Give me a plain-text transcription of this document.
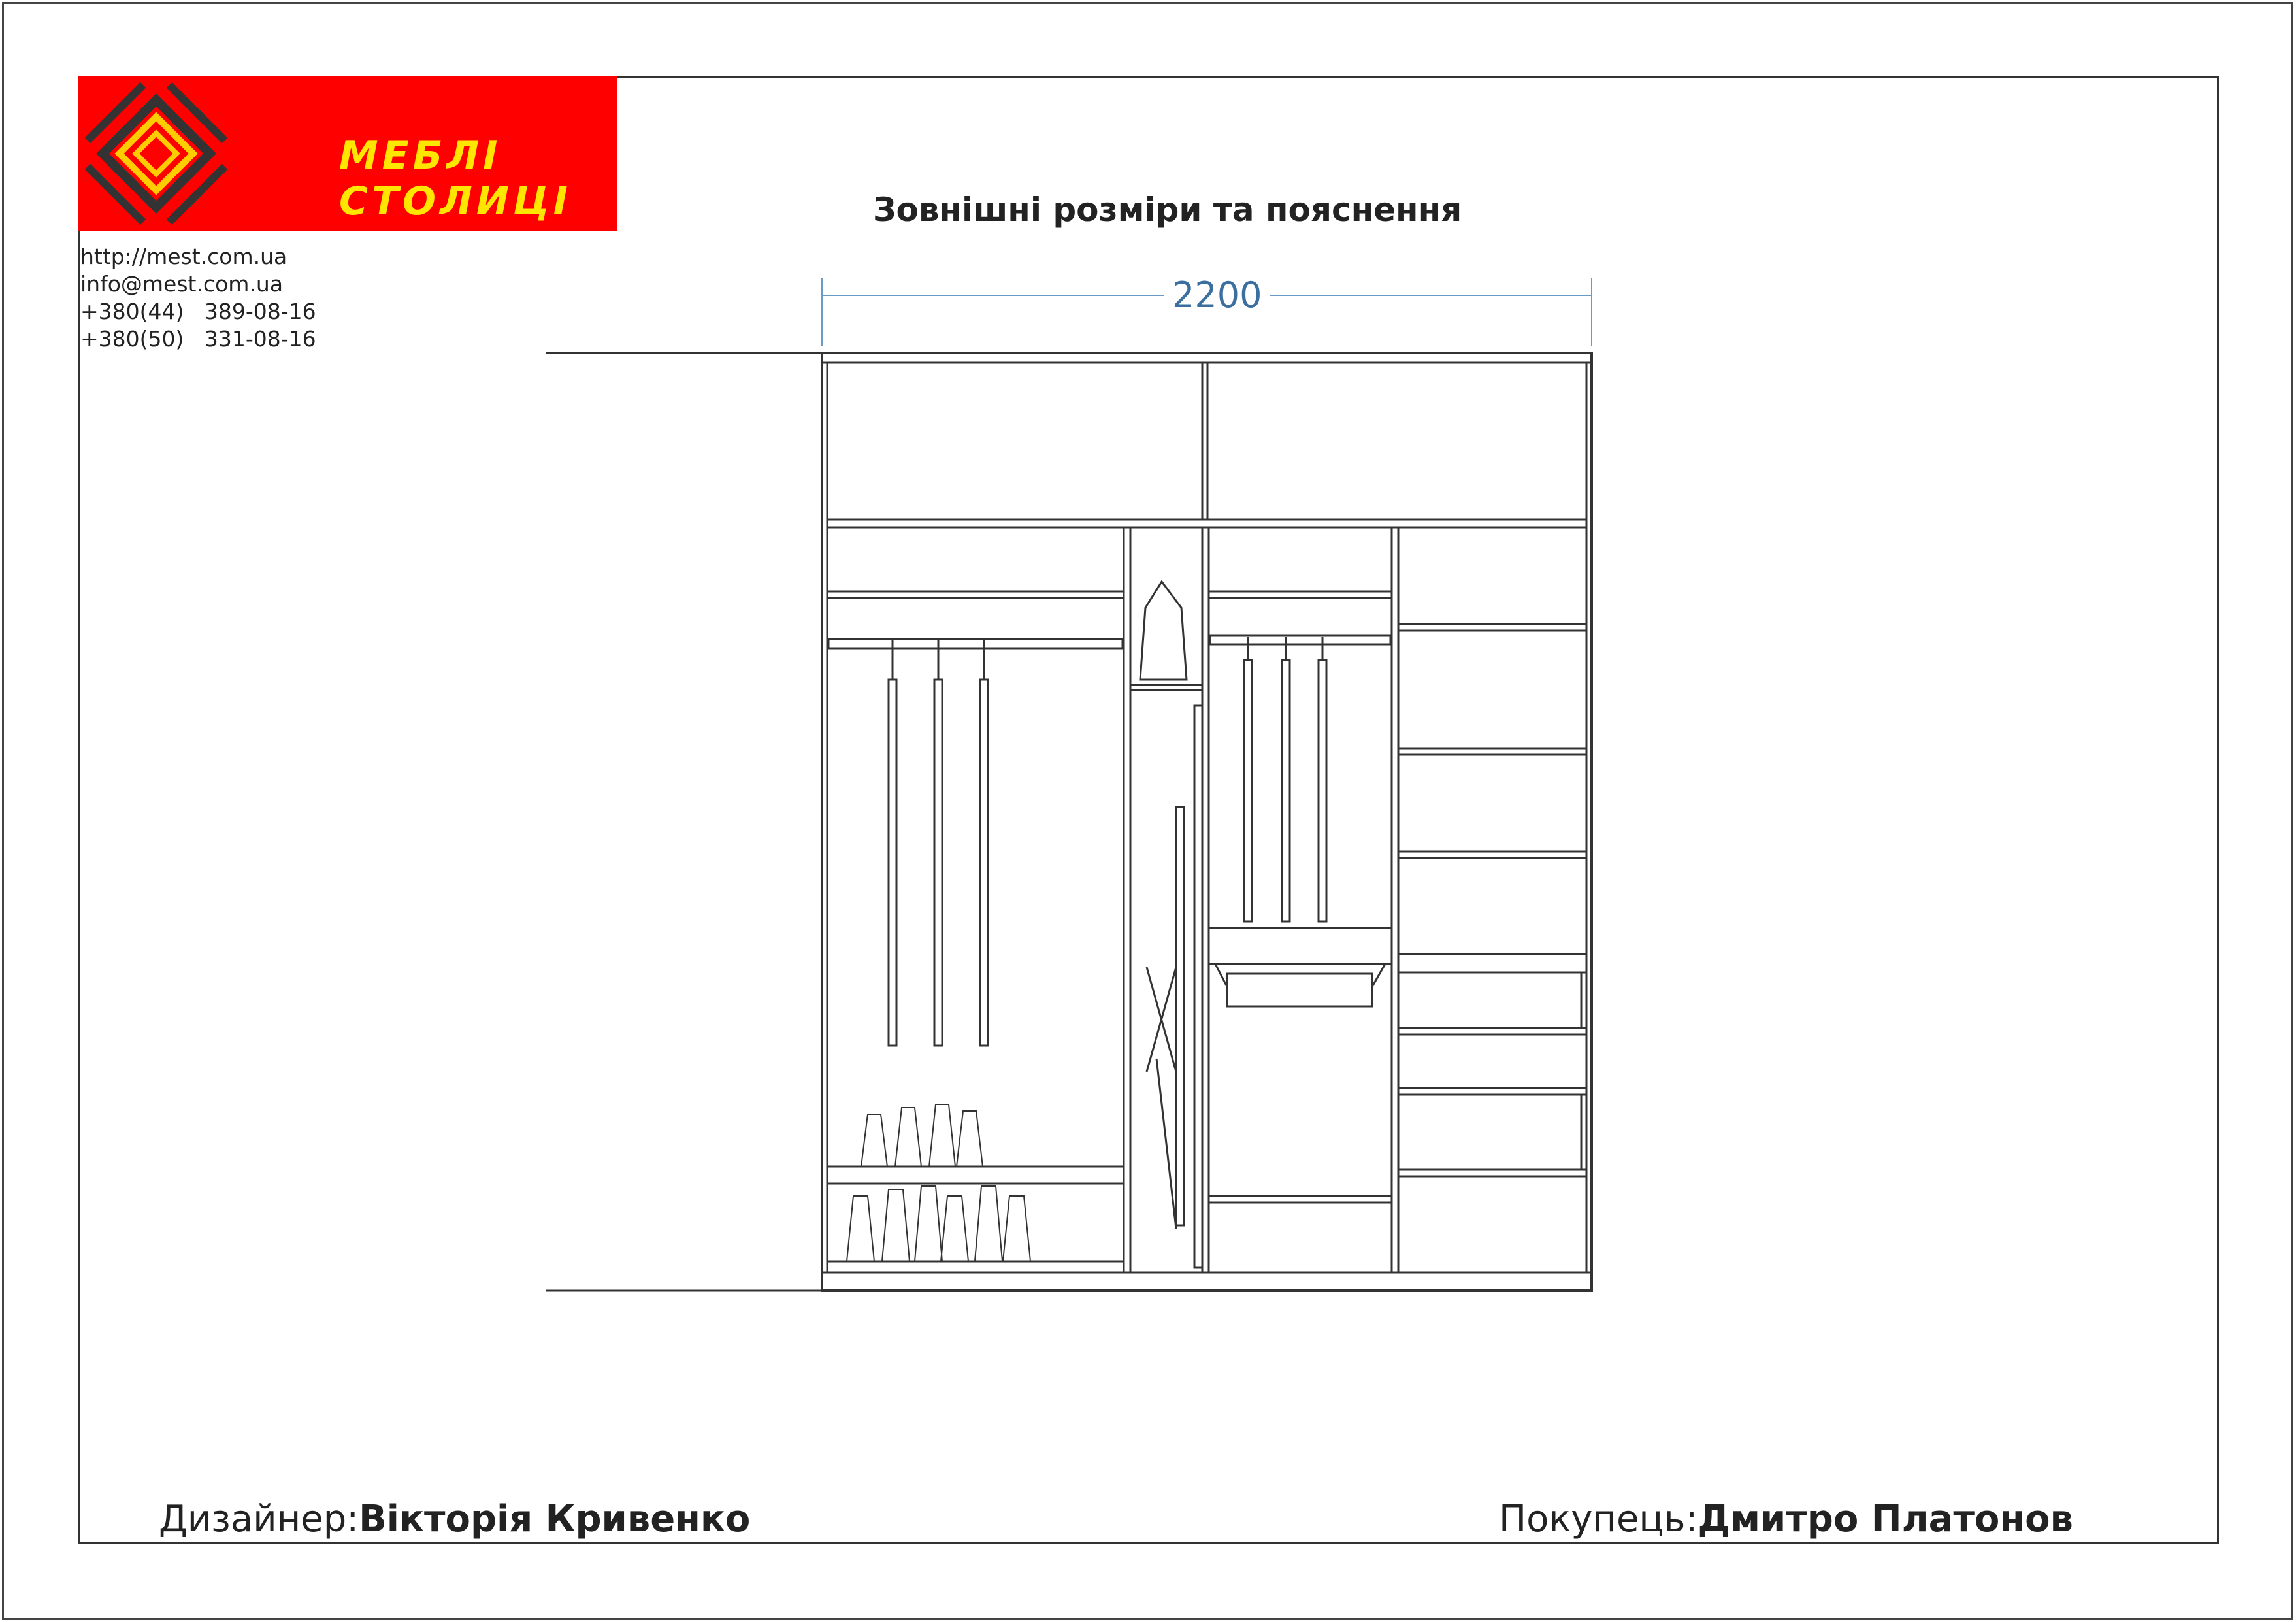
МЕБЛІ СТОЛИЦІ
http://mest.com.ua
info@mest.com.ua
+380(44)   389-08-16
+380(50)   331-08-16
Зовнішні розміри та пояснення
2200
Дизайнер:Вікторія Кривенко	Покупець:Дмитро Платонов
